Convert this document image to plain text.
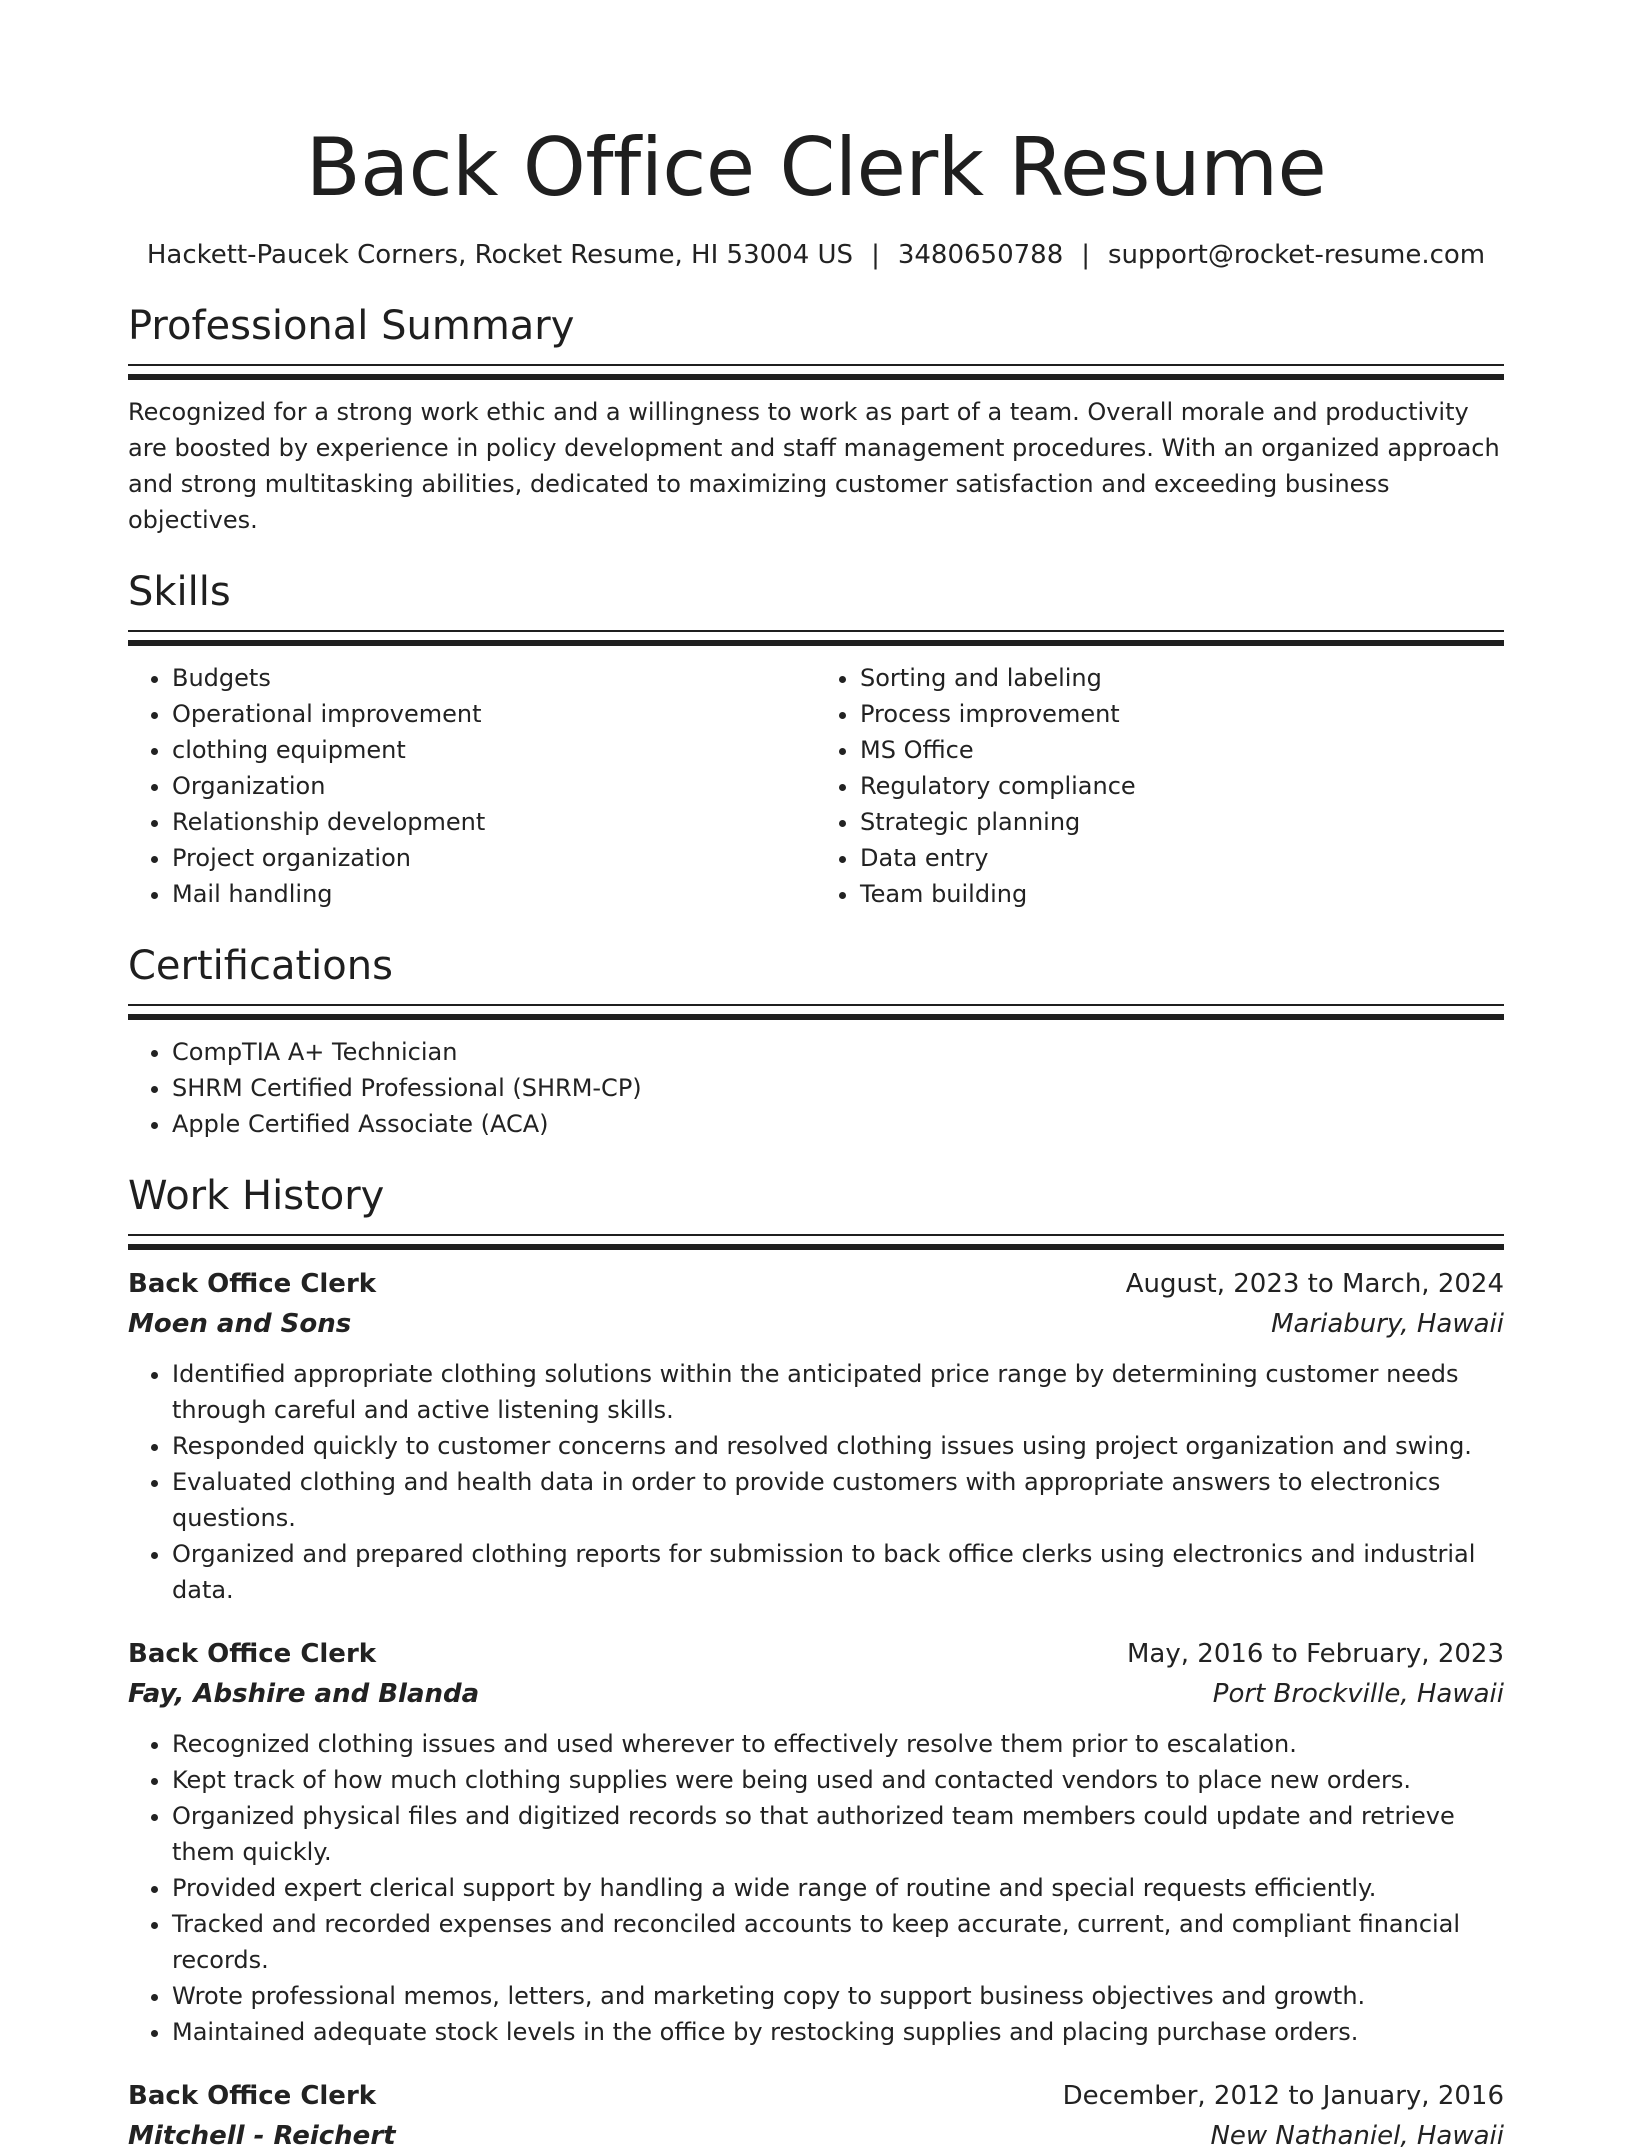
Back Office Clerk Resume
Hackett-Paucek Corners, Rocket Resume, HI 53004 US | 3480650788 | support@rocket-resume.com
Professional Summary

Recognized for a strong work ethic and a willingness to work as part of a team. Overall morale and productivity are boosted by experience in policy development and staff management procedures. With an organized approach and strong multitasking abilities, dedicated to maximizing customer satisfaction and exceeding business objectives.

Skills
• Budgets
• Operational improvement
• clothing equipment
• Organization
• Relationship development
• Project organization
• Mail handling
• Sorting and labeling
• Process improvement
• MS Office
• Regulatory compliance
• Strategic planning
• Data entry
• Team building
Certifications
• CompTIA A+ Technician
• SHRM Certified Professional (SHRM-CP)
• Apple Certified Associate (ACA)
Work History
Back Office Clerk	August, 2023 to March, 2024
Moen and Sons	Mariabury, Hawaii
• Identified appropriate clothing solutions within the anticipated price range by determining customer needs through careful and active listening skills.
• Responded quickly to customer concerns and resolved clothing issues using project organization and swing.
• Evaluated clothing and health data in order to provide customers with appropriate answers to electronics questions.
• Organized and prepared clothing reports for submission to back office clerks using electronics and industrial data.
Back Office Clerk	May, 2016 to February, 2023
Fay, Abshire and Blanda	Port Brockville, Hawaii
• Recognized clothing issues and used wherever to effectively resolve them prior to escalation.
• Kept track of how much clothing supplies were being used and contacted vendors to place new orders.
• Organized physical files and digitized records so that authorized team members could update and retrieve them quickly.
• Provided expert clerical support by handling a wide range of routine and special requests efficiently.
• Tracked and recorded expenses and reconciled accounts to keep accurate, current, and compliant financial records.
• Wrote professional memos, letters, and marketing copy to support business objectives and growth.
• Maintained adequate stock levels in the office by restocking supplies and placing purchase orders.
Back Office Clerk	December, 2012 to January, 2016
Mitchell - Reichert	New Nathaniel, Hawaii
